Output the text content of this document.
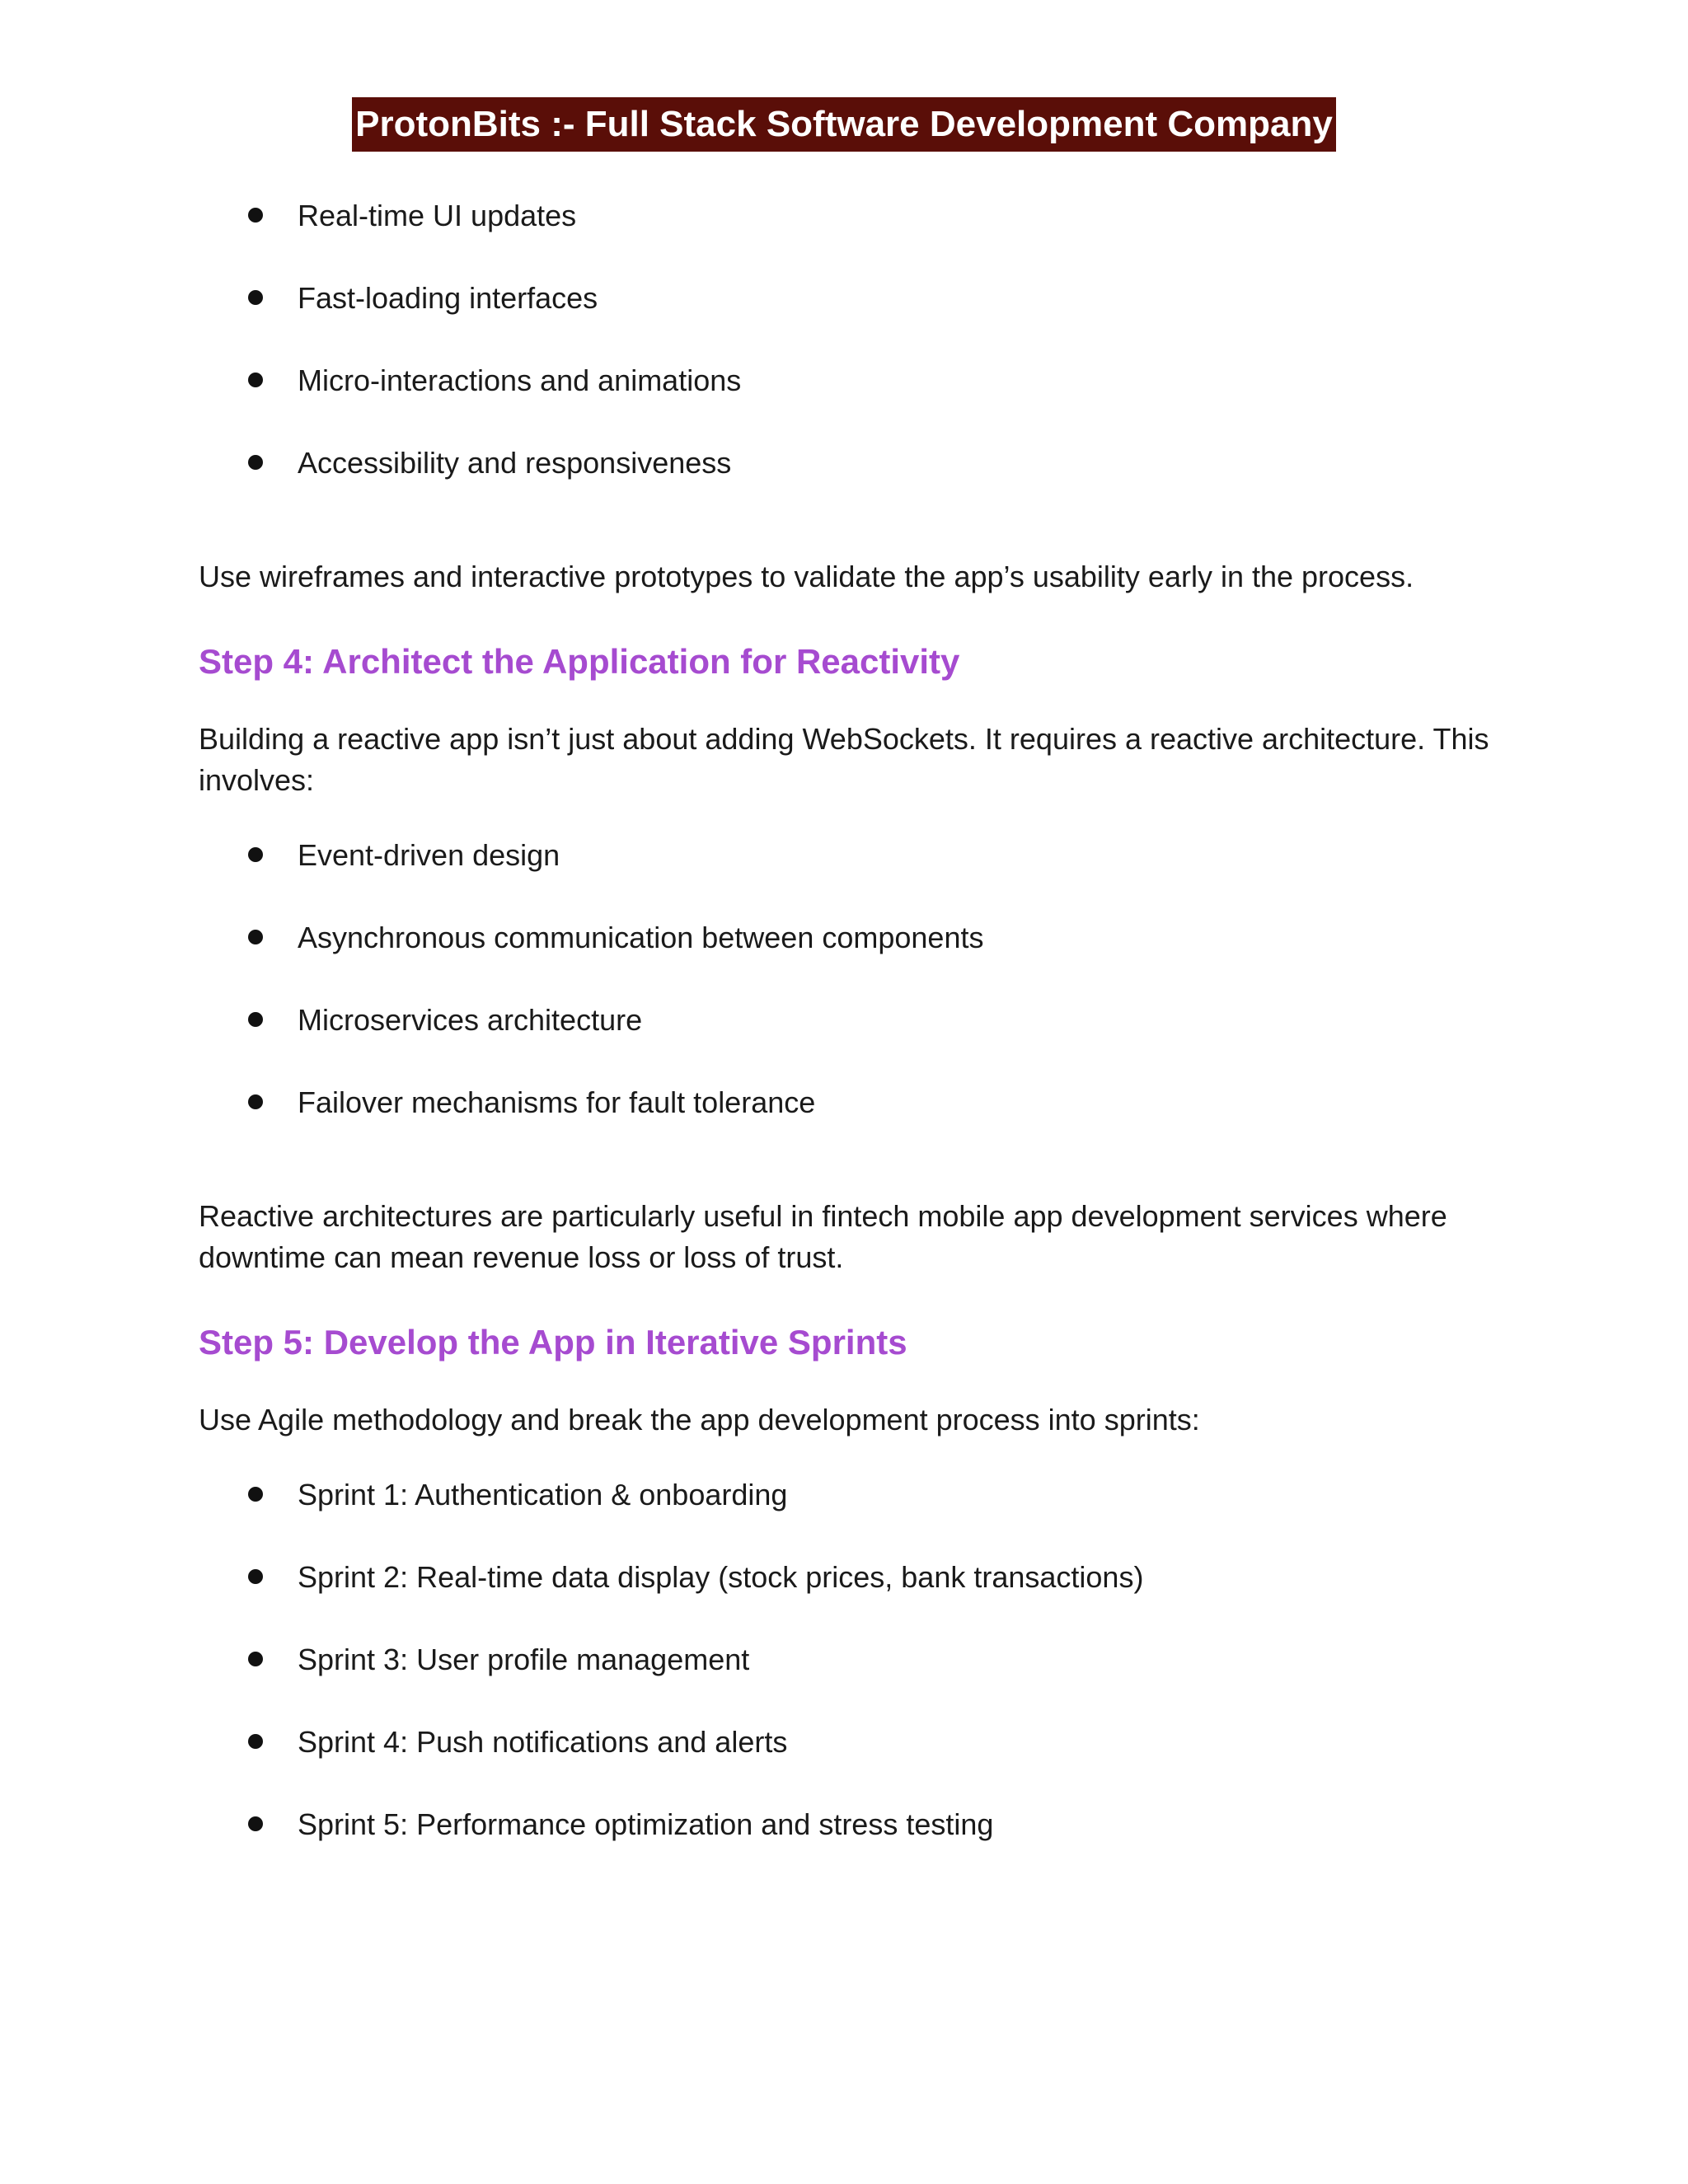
ProtonBits :- Full Stack Software Development Company
Real-time UI updates
Fast-loading interfaces
Micro-interactions and animations
Accessibility and responsiveness

Use wireframes and interactive prototypes to validate the app’s usability early in the process.

Step 4: Architect the Application for Reactivity

Building a reactive app isn’t just about adding WebSockets. It requires a reactive architecture. This involves:

Event-driven design
Asynchronous communication between components
Microservices architecture
Failover mechanisms for fault tolerance

Reactive architectures are particularly useful in fintech mobile app development services where downtime can mean revenue loss or loss of trust.

Step 5: Develop the App in Iterative Sprints

Use Agile methodology and break the app development process into sprints:

Sprint 1: Authentication & onboarding
Sprint 2: Real-time data display (stock prices, bank transactions)
Sprint 3: User profile management
Sprint 4: Push notifications and alerts
Sprint 5: Performance optimization and stress testing
